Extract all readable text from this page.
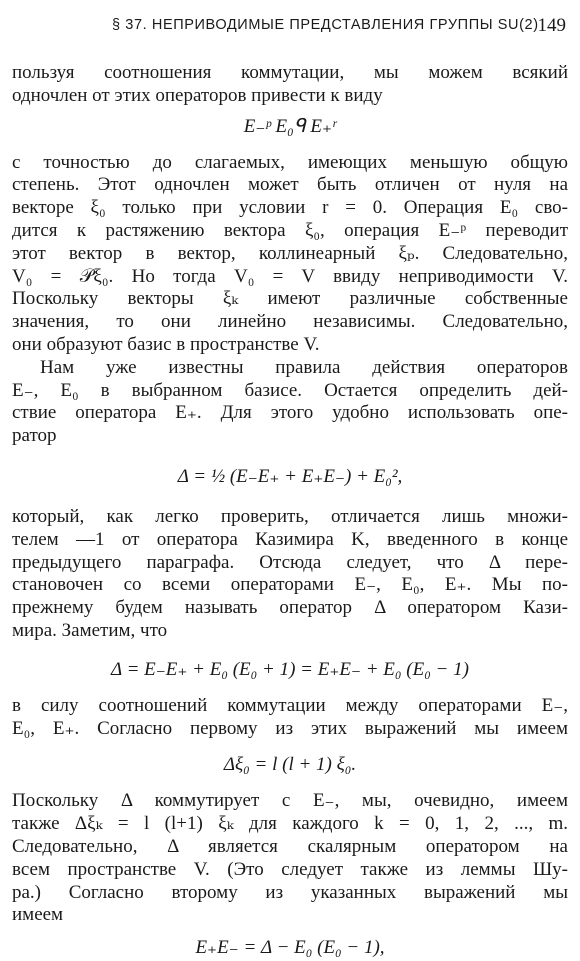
§ 37. НЕПРИВОДИМЫЕ ПРЕДСТАВЛЕНИЯ ГРУППЫ SU(2)
149
пользуя соотношения коммутации, мы можем всякий
одночлен от этих операторов привести к виду
E₋ᵖ E₀ᑫ E₊ʳ
с точностью до слагаемых, имеющих меньшую общую
степень. Этот одночлен может быть отличен от нуля на
векторе ξ₀ только при условии r = 0. Операция E₀ сво-
дится к растяжению вектора ξ₀, операция E₋ᵖ переводит
этот вектор в вектор, коллинеарный ξₚ. Следовательно,
V₀ = 𝒫ξ₀. Но тогда V₀ = V ввиду неприводимости V.
Поскольку векторы ξₖ имеют различные собственные
значения, то они линейно независимы. Следовательно,
они образуют базис в пространстве V.
Нам уже известны правила действия операторов
E₋, E₀ в выбранном базисе. Остается определить дей-
ствие оператора E₊. Для этого удобно использовать опе-
ратор
Δ = ½ (E₋E₊ + E₊E₋) + E₀²,
который, как легко проверить, отличается лишь множи-
телем —1 от оператора Казимира K, введенного в конце
предыдущего параграфа. Отсюда следует, что Δ пере-
становочен со всеми операторами E₋, E₀, E₊. Мы по-
прежнему будем называть оператор Δ оператором Кази-
мира. Заметим, что
Δ = E₋E₊ + E₀ (E₀ + 1) = E₊E₋ + E₀ (E₀ − 1)
в силу соотношений коммутации между операторами E₋,
E₀, E₊. Согласно первому из этих выражений мы имеем
Δξ₀ = l (l + 1) ξ₀.
Поскольку Δ коммутирует с E₋, мы, очевидно, имеем
также Δξₖ = l (l+1) ξₖ для каждого k = 0, 1, 2, ..., m.
Следовательно, Δ является скалярным оператором на
всем пространстве V. (Это следует также из леммы Шу-
ра.) Согласно второму из указанных выражений мы
имеем
E₊E₋ = Δ − E₀ (E₀ − 1),
